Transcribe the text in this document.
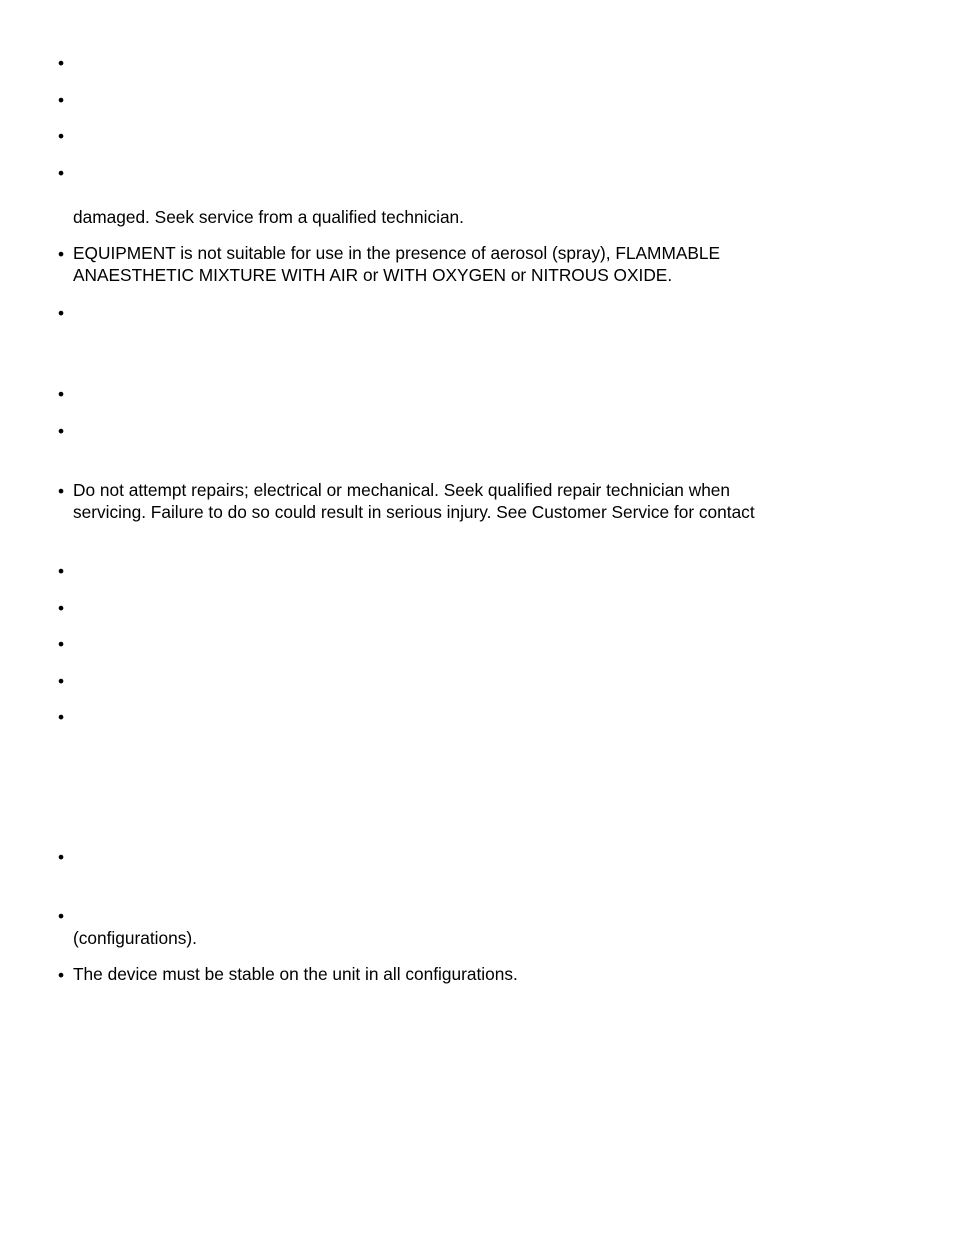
•
•
•
•
damaged. Seek service from a qualified technician.
• EQUIPMENT is not suitable for use in the presence of aerosol (spray), FLAMMABLE
ANAESTHETIC MIXTURE WITH AIR or WITH OXYGEN or NITROUS OXIDE.
•
•
•
• Do not attempt repairs; electrical or mechanical. Seek qualified repair technician when
servicing. Failure to do so could result in serious injury. See Customer Service for contact
•
•
•
•
•
•
•
(configurations).
• The device must be stable on the unit in all configurations.
